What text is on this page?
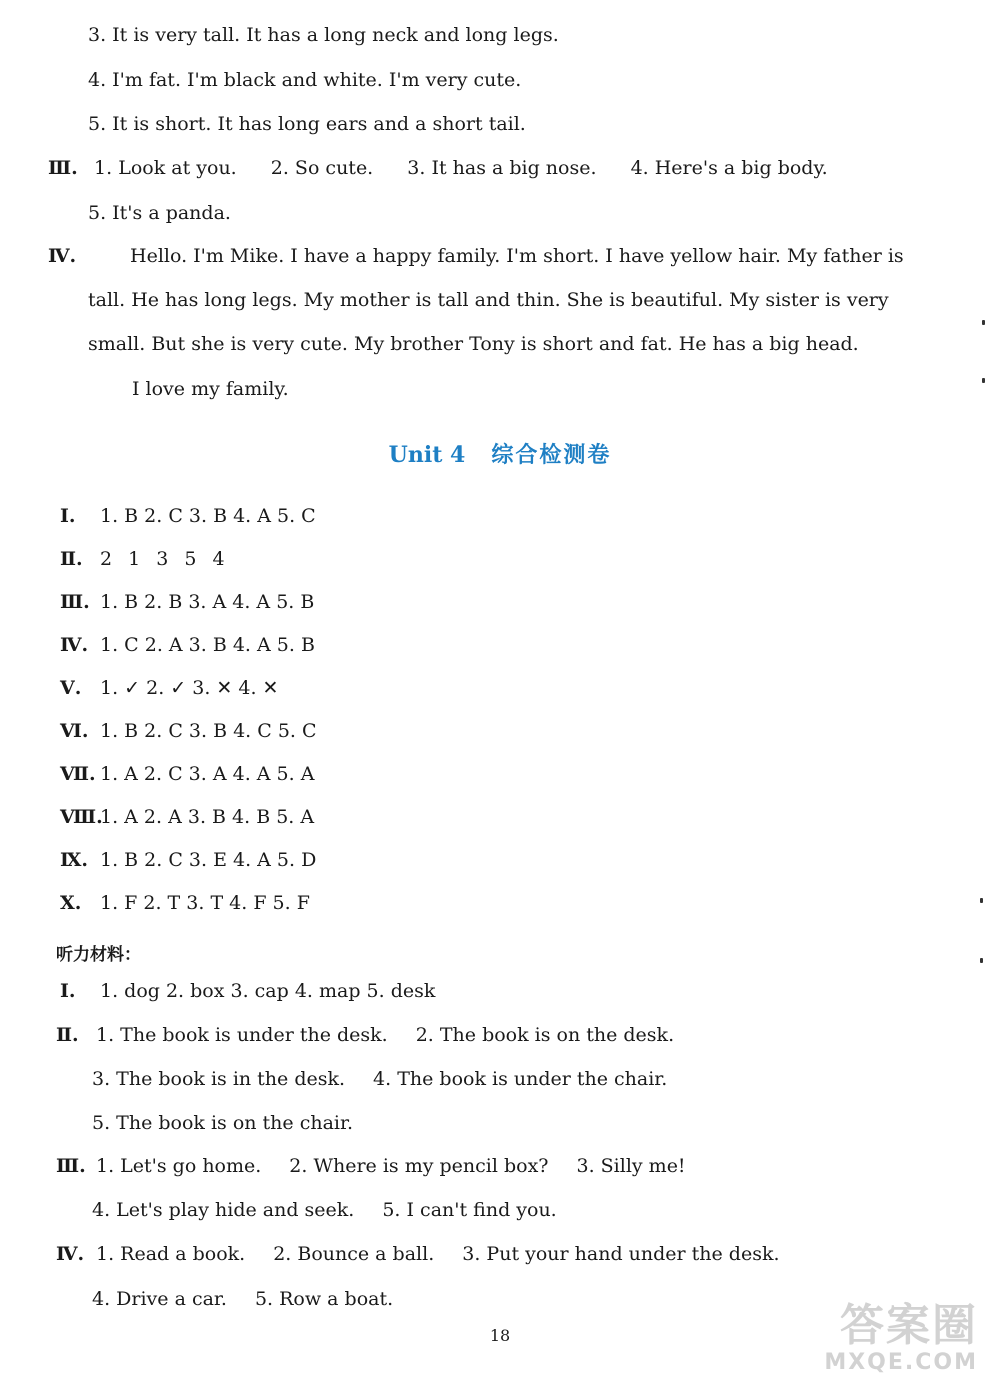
3. It is very tall. It has a long neck and long legs.
4. I'm fat. I'm black and white. I'm very cute.
5. It is short. It has long ears and a short tail.
Ⅲ. 1. Look at you. 2. So cute. 3. It has a big nose. 4. Here's a big body.
5. It's a panda.
Ⅳ.	Hello. I'm Mike. I have a happy family. I'm short. I have yellow hair. My father is
tall. He has long legs. My mother is tall and thin. She is beautiful. My sister is very
small. But she is very cute. My brother Tony is short and fat. He has a big head.
I love my family.
Unit 4 综合检测卷
Ⅰ. 1. B 2. C 3. B 4. A 5. C
Ⅱ. 2 1 3 5 4
Ⅲ. 1. B 2. B 3. A 4. A 5. B
Ⅳ. 1. C 2. A 3. B 4. A 5. B
Ⅴ. 1. ✓ 2. ✓ 3. ✕ 4. ✕
Ⅵ. 1. B 2. C 3. B 4. C 5. C
Ⅶ. 1. A 2. C 3. A 4. A 5. A
Ⅷ.1. A 2. A 3. B 4. B 5. A
Ⅸ. 1. B 2. C 3. E 4. A 5. D
Ⅹ. 1. F 2. T 3. T 4. F 5. F
听力材料：
Ⅰ. 1. dog 2. box 3. cap 4. map 5. desk
Ⅱ. 1. The book is under the desk. 2. The book is on the desk.
3. The book is in the desk. 4. The book is under the chair.
5. The book is on the chair.
Ⅲ. 1. Let's go home. 2. Where is my pencil box? 3. Silly me!
4. Let's play hide and seek. 5. I can't find you.
Ⅳ. 1. Read a book. 2. Bounce a ball. 3. Put your hand under the desk.
4. Drive a car. 5. Row a boat.
18	答案圈
MXQE.COM
